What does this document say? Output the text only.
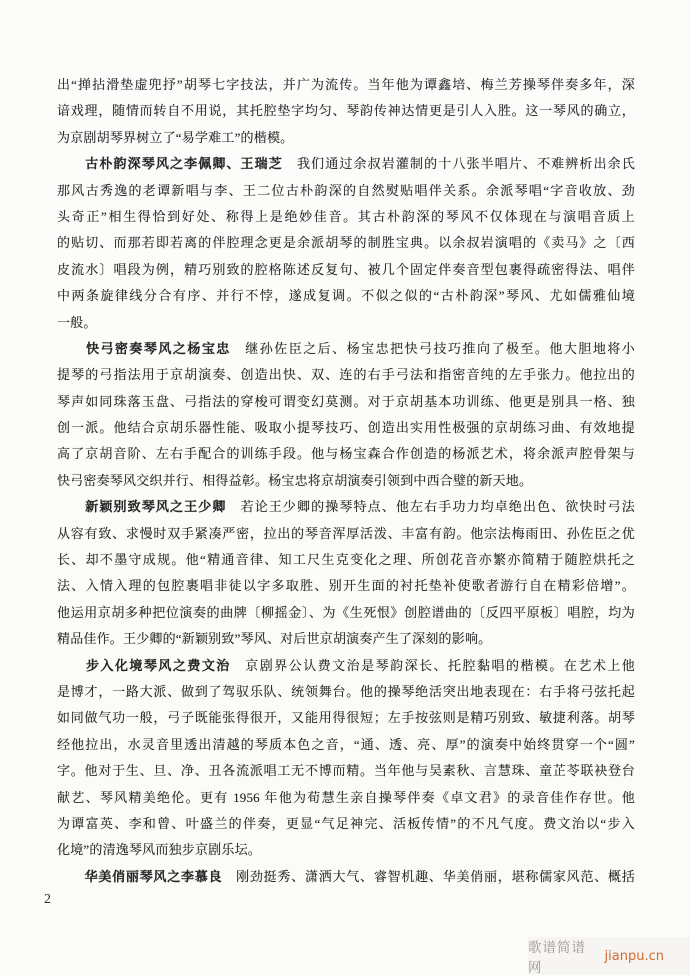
出“掸拈滑垫虚兜抒”胡琴七字技法，并广为流传。当年他为谭鑫培、梅兰芳操琴伴奏多年，深
谙戏理，随情而转自不用说，其托腔垫字均匀、琴韵传神达情更是引人入胜。这一琴风的确立，
为京剧胡琴界树立了“易学难工”的楷模。
　　古朴韵深琴风之李佩卿、王瑞芝　我们通过余叔岩灌制的十八张半唱片、不难辨析出余氏
那风古秀逸的老谭新唱与李、王二位古朴韵深的自然熨贴唱伴关系。余派琴唱“字音收放、劲
头奇正”相生得恰到好处、称得上是绝妙佳音。其古朴韵深的琴风不仅体现在与演唱音质上
的贴切、而那若即若离的伴腔理念更是余派胡琴的制胜宝典。以余叔岩演唱的《卖马》之〔西
皮流水〕唱段为例，精巧别致的腔格陈述反复句、被几个固定伴奏音型包裹得疏密得法、唱伴
中两条旋律线分合有序、并行不悖，遂成复调。不似之似的“古朴韵深”琴风、尤如儒雅仙境
一般。
　　快弓密奏琴风之杨宝忠　继孙佐臣之后、杨宝忠把快弓技巧推向了极至。他大胆地将小
提琴的弓指法用于京胡演奏、创造出快、双、连的右手弓法和指密音纯的左手张力。他拉出的
琴声如同珠落玉盘、弓指法的穿梭可谓变幻莫测。对于京胡基本功训练、他更是别具一格、独
创一派。他结合京胡乐器性能、吸取小提琴技巧、创造出实用性极强的京胡练习曲、有效地提
高了京胡音阶、左右手配合的训练手段。他与杨宝森合作创造的杨派艺术，将余派声腔骨架与
快弓密奏琴风交织并行、相得益彰。杨宝忠将京胡演奏引领到中西合璧的新天地。
　　新颖别致琴风之王少卿　若论王少卿的操琴特点、他左右手功力均卓绝出色、欲快时弓法
从容有致、求慢时双手紧凑严密，拉出的琴音浑厚活泼、丰富有韵。他宗法梅雨田、孙佐臣之优
长、却不墨守成规。他“精通音律、知工尺生克变化之理、所创花音亦繁亦简精于随腔烘托之
法、入情入理的包腔裹唱非徒以字多取胜、别开生面的衬托垫补使歌者游行自在精彩倍增”。
他运用京胡多种把位演奏的曲牌〔柳摇金〕、为《生死恨》创腔谱曲的〔反四平原板〕唱腔，均为
精品佳作。王少卿的“新颖别致”琴风、对后世京胡演奏产生了深刻的影响。
　　步入化境琴风之费文治　京剧界公认费文治是琴韵深长、托腔黏唱的楷模。在艺术上他
是博才，一路大派、做到了驾驭乐队、统领舞台。他的操琴绝活突出地表现在：右手将弓弦托起
如同做气功一般，弓子既能张得很开，又能用得很短；左手按弦则是精巧别致、敏捷利落。胡琴
经他拉出，水灵音里透出清越的琴质本色之音，“通、透、亮、厚”的演奏中始终贯穿一个“圆”
字。他对于生、旦、净、丑各流派唱工无不博而精。当年他与吴素秋、言慧珠、童芷苓联袂登台
献艺、琴风精美绝伦。更有 1956 年他为荀慧生亲自操琴伴奏《卓文君》的录音佳作存世。他
为谭富英、李和曾、叶盛兰的伴奏，更显“气足神完、活板传情”的不凡气度。费文治以“步入
化境”的清逸琴风而独步京剧乐坛。
　　华美俏丽琴风之李慕良　刚劲挺秀、潇洒大气、睿智机趣、华美俏丽，堪称儒家风范、概括
2
歌谱简谱网
jianpu.cn
